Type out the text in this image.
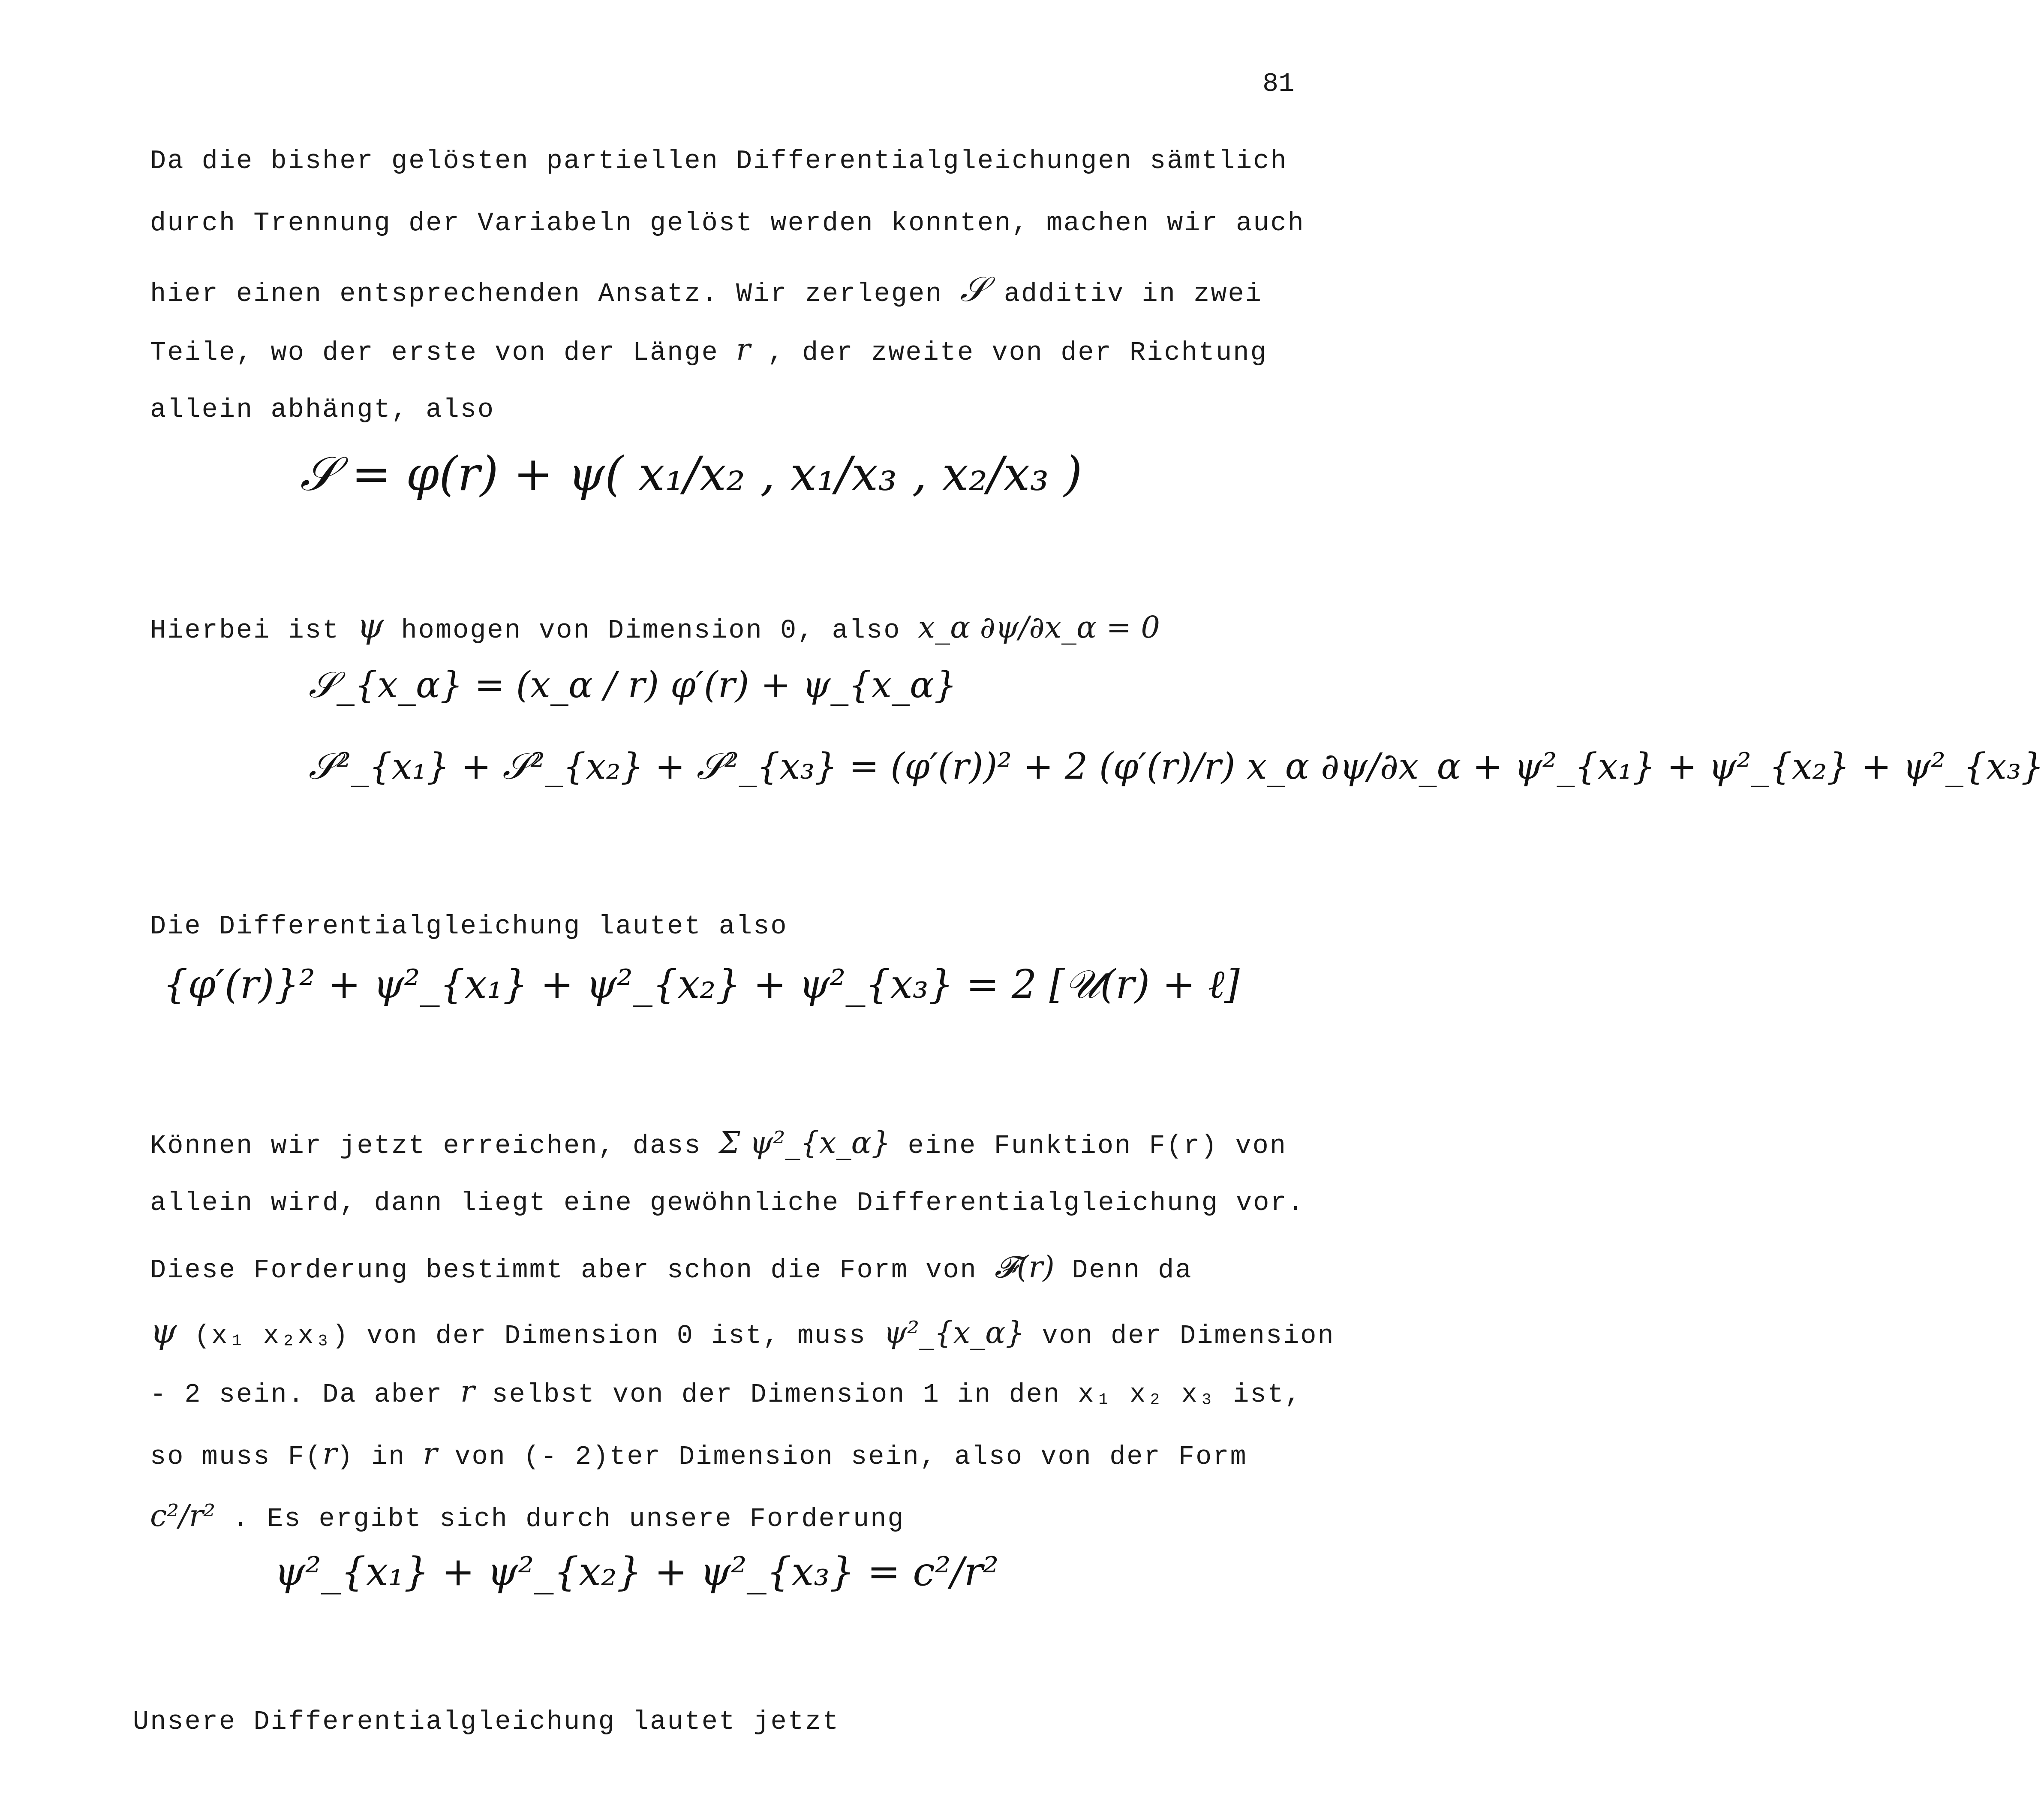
81
Da die bisher gelösten partiellen Differentialgleichungen sämtlich
durch Trennung der Variabeln gelöst werden konnten, machen wir auch
hier einen entsprechenden Ansatz. Wir zerlegen 𝒮 additiv in zwei
Teile, wo der erste von der Länge r , der zweite von der Richtung
allein abhängt, also
𝒮 = φ(r) + ψ( x₁/x₂ , x₁/x₃ , x₂/x₃ )
Hierbei ist ψ homogen von Dimension 0, also x_α ∂ψ/∂x_α = 0
𝒮_{x_α} = (x_α / r) φ′(r) + ψ_{x_α}
𝒮²_{x₁} + 𝒮²_{x₂} + 𝒮²_{x₃} = (φ′(r))² + 2 (φ′(r)/r) x_α ∂ψ/∂x_α + ψ²_{x₁} + ψ²_{x₂} + ψ²_{x₃}
Die Differentialgleichung lautet also
{φ′(r)}² + ψ²_{x₁} + ψ²_{x₂} + ψ²_{x₃} = 2 [𝒰(r) + ℓ]
Können wir jetzt erreichen, dass Σ ψ²_{x_α} eine Funktion F(r) von
allein wird, dann liegt eine gewöhnliche Differentialgleichung vor.
Diese Forderung bestimmt aber schon die Form von 𝓕(r) Denn da
ψ (x₁ x₂x₃) von der Dimension 0 ist, muss ψ²_{x_α} von der Dimension
- 2 sein. Da aber r selbst von der Dimension 1 in den x₁ x₂ x₃ ist,
so muss F(r) in r von (- 2)ter Dimension sein, also von der Form
c²/r² . Es ergibt sich durch unsere Forderung
ψ²_{x₁} + ψ²_{x₂} + ψ²_{x₃} = c²/r²
Unsere Differentialgleichung lautet jetzt
